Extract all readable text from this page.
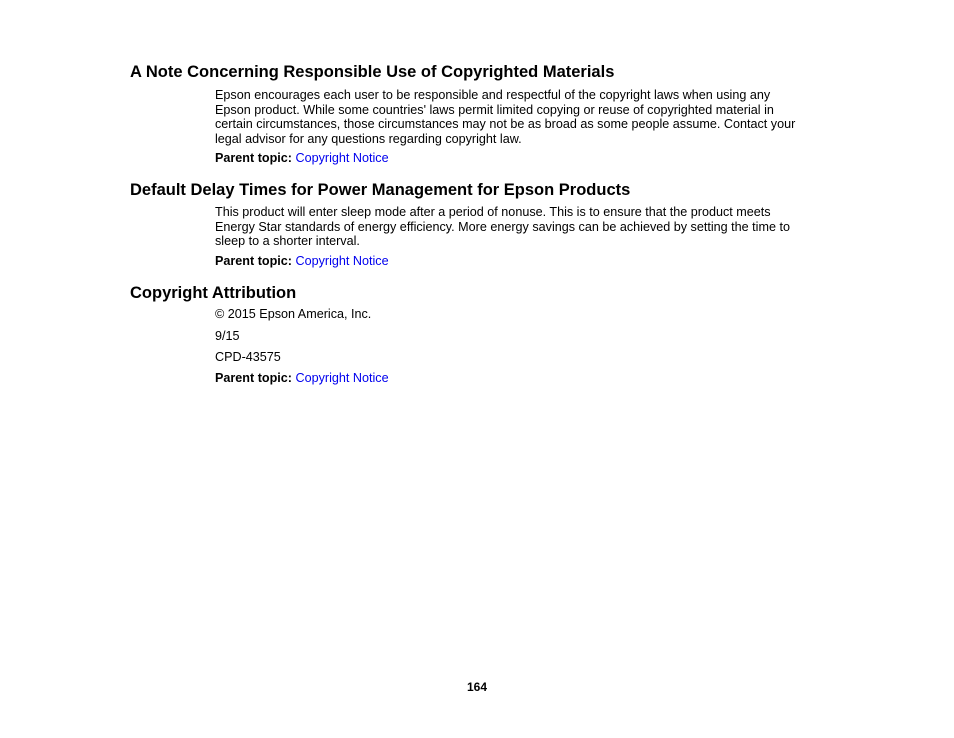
A Note Concerning Responsible Use of Copyrighted Materials

Epson encourages each user to be responsible and respectful of the copyright laws when using any
Epson product. While some countries' laws permit limited copying or reuse of copyrighted material in
certain circumstances, those circumstances may not be as broad as some people assume. Contact your
legal advisor for any questions regarding copyright law.

Parent topic: Copyright Notice

Default Delay Times for Power Management for Epson Products

This product will enter sleep mode after a period of nonuse. This is to ensure that the product meets
Energy Star standards of energy efficiency. More energy savings can be achieved by setting the time to
sleep to a shorter interval.

Parent topic: Copyright Notice

Copyright Attribution

© 2015 Epson America, Inc.

9/15

CPD-43575

Parent topic: Copyright Notice

164
